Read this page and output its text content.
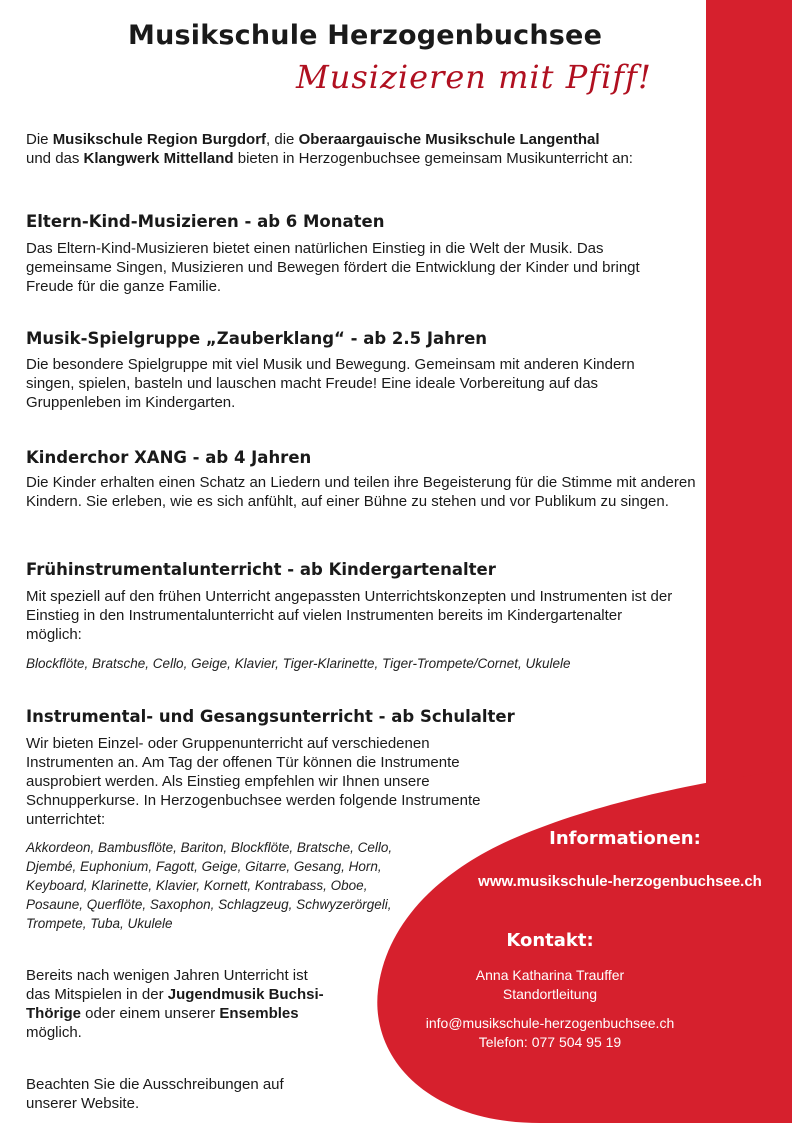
Musikschule Herzogenbuchsee
Musizieren mit Pfiff!
Die Musikschule Region Burgdorf, die Oberaargauische Musikschule Langenthal
und das Klangwerk Mittelland bieten in Herzogenbuchsee gemeinsam Musikunterricht an:
Eltern-Kind-Musizieren - ab 6 Monaten
Das Eltern-Kind-Musizieren bietet einen natürlichen Einstieg in die Welt der Musik. Das gemeinsame Singen, Musizieren und Bewegen fördert die Entwicklung der Kinder und bringt Freude für die ganze Familie.
Musik-Spielgruppe „Zauberklang“ - ab 2.5 Jahren
Die besondere Spielgruppe mit viel Musik und Bewegung. Gemeinsam mit anderen Kindern singen, spielen, basteln und lauschen macht Freude! Eine ideale Vorbereitung auf das Gruppenleben im Kindergarten.
Kinderchor XANG - ab 4 Jahren
Die Kinder erhalten einen Schatz an Liedern und teilen ihre Begeisterung für die Stimme mit anderen Kindern. Sie erleben, wie es sich anfühlt, auf einer Bühne zu stehen und vor Publikum zu singen.
Frühinstrumentalunterricht - ab Kindergartenalter
Mit speziell auf den frühen Unterricht angepassten Unterrichtskonzepten und Instrumenten ist der Einstieg in den Instrumentalunterricht auf vielen Instrumenten bereits im Kindergartenalter möglich:
Blockflöte, Bratsche, Cello, Geige, Klavier, Tiger-Klarinette, Tiger-Trompete/Cornet, Ukulele
Instrumental- und Gesangsunterricht - ab Schulalter
Wir bieten Einzel- oder Gruppenunterricht auf verschiedenen Instrumenten an. Am Tag der offenen Tür können die Instrumente ausprobiert werden. Als Einstieg empfehlen wir Ihnen unsere Schnupperkurse. In Herzogenbuchsee werden folgende Instrumente unterrichtet:
Akkordeon, Bambusflöte, Bariton, Blockflöte, Bratsche, Cello, Djembé, Euphonium, Fagott, Geige, Gitarre, Gesang, Horn, Keyboard, Klarinette, Klavier, Kornett, Kontrabass, Oboe, Posaune, Querflöte, Saxophon, Schlagzeug, Schwyzerörgeli, Trompete, Tuba, Ukulele
Bereits nach wenigen Jahren Unterricht ist das Mitspielen in der Jugendmusik Buchsi-Thörige oder einem unserer Ensembles möglich.
Beachten Sie die Ausschreibungen auf unserer Website.
Informationen:
www.musikschule-herzogenbuchsee.ch
Kontakt:
Anna Katharina Trauffer
Standortleitung
info@musikschule-herzogenbuchsee.ch
Telefon: 077 504 95 19
